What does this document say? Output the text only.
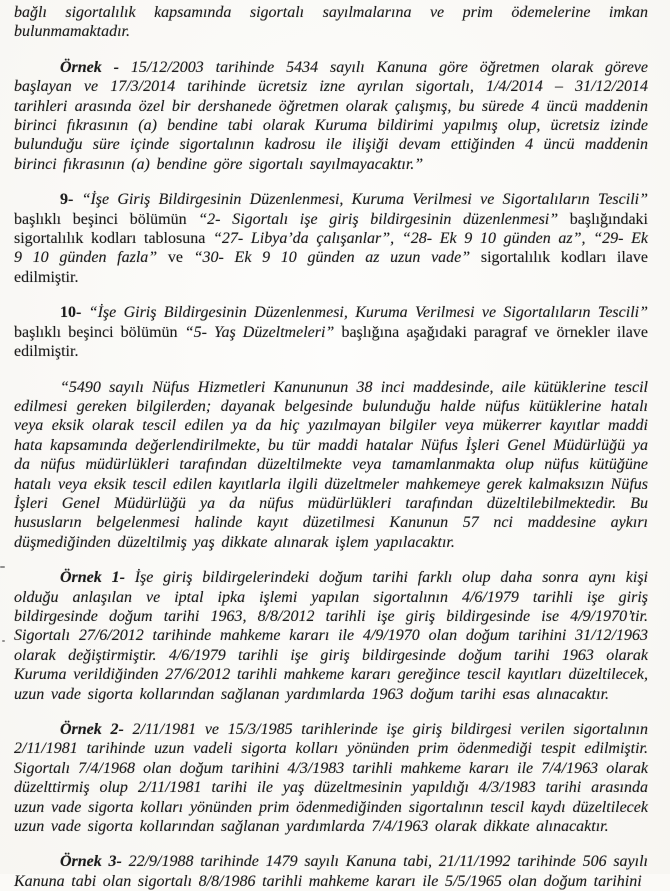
bağlı sigortalılık kapsamında sigortalı sayılmalarına ve prim ödemelerine imkan bulunmamaktadır.

Örnek - 15/12/2003 tarihinde 5434 sayılı Kanuna göre öğretmen olarak göreve başlayan ve 17/3/2014 tarihinde ücretsiz izne ayrılan sigortalı, 1/4/2014 – 31/12/2014 tarihleri arasında özel bir dershanede öğretmen olarak çalışmış, bu sürede 4 üncü maddenin birinci fıkrasının (a) bendine tabi olarak Kuruma bildirimi yapılmış olup, ücretsiz izinde bulunduğu süre içinde sigortalının kadrosu ile ilişiği devam ettiğinden 4 üncü maddenin birinci fıkrasının (a) bendine göre sigortalı sayılmayacaktır.”

9- “İşe Giriş Bildirgesinin Düzenlenmesi, Kuruma Verilmesi ve Sigortalıların Tescili” başlıklı beşinci bölümün “2- Sigortalı işe giriş bildirgesinin düzenlenmesi” başlığındaki sigortalılık kodları tablosuna “27- Libya’da çalışanlar”, “28- Ek 9 10 günden az”, “29- Ek 9 10 günden fazla” ve “30- Ek 9 10 günden az uzun vade” sigortalılık kodları ilave edilmiştir.

10- “İşe Giriş Bildirgesinin Düzenlenmesi, Kuruma Verilmesi ve Sigortalıların Tescili” başlıklı beşinci bölümün “5- Yaş Düzeltmeleri” başlığına aşağıdaki paragraf ve örnekler ilave edilmiştir.

“5490 sayılı Nüfus Hizmetleri Kanununun 38 inci maddesinde, aile kütüklerine tescil edilmesi gereken bilgilerden; dayanak belgesinde bulunduğu halde nüfus kütüklerine hatalı veya eksik olarak tescil edilen ya da hiç yazılmayan bilgiler veya mükerrer kayıtlar maddi hata kapsamında değerlendirilmekte, bu tür maddi hatalar Nüfus İşleri Genel Müdürlüğü ya da nüfus müdürlükleri tarafından düzeltilmekte veya tamamlanmakta olup nüfus kütüğüne hatalı veya eksik tescil edilen kayıtlarla ilgili düzeltmeler mahkemeye gerek kalmaksızın Nüfus İşleri Genel Müdürlüğü ya da nüfus müdürlükleri tarafından düzeltilebilmektedir. Bu hususların belgelenmesi halinde kayıt düzetilmesi Kanunun 57 nci maddesine aykırı düşmediğinden düzeltilmiş yaş dikkate alınarak işlem yapılacaktır.

Örnek 1- İşe giriş bildirgelerindeki doğum tarihi farklı olup daha sonra aynı kişi olduğu anlaşılan ve iptal ipka işlemi yapılan sigortalının 4/6/1979 tarihli işe giriş bildirgesinde doğum tarihi 1963, 8/8/2012 tarihli işe giriş bildirgesinde ise 4/9/1970’tir. Sigortalı 27/6/2012 tarihinde mahkeme kararı ile 4/9/1970 olan doğum tarihini 31/12/1963 olarak değiştirmiştir. 4/6/1979 tarihli işe giriş bildirgesinde doğum tarihi 1963 olarak Kuruma verildiğinden 27/6/2012 tarihli mahkeme kararı gereğince tescil kayıtları düzeltilecek, uzun vade sigorta kollarından sağlanan yardımlarda 1963 doğum tarihi esas alınacaktır.

Örnek 2- 2/11/1981 ve 15/3/1985 tarihlerinde işe giriş bildirgesi verilen sigortalının 2/11/1981 tarihinde uzun vadeli sigorta kolları yönünden prim ödenmediği tespit edilmiştir. Sigortalı 7/4/1968 olan doğum tarihini 4/3/1983 tarihli mahkeme kararı ile 7/4/1963 olarak düzelttirmiş olup 2/11/1981 tarihi ile yaş düzeltmesinin yapıldığı 4/3/1983 tarihi arasında uzun vade sigorta kolları yönünden prim ödenmediğinden sigortalının tescil kaydı düzeltilecek uzun vade sigorta kollarından sağlanan yardımlarda 7/4/1963 olarak dikkate alınacaktır.

Örnek 3- 22/9/1988 tarihinde 1479 sayılı Kanuna tabi, 21/11/1992 tarihinde 506 sayılı Kanuna tabi olan sigortalı 8/8/1986 tarihli mahkeme kararı ile 5/5/1965 olan doğum tarihini
